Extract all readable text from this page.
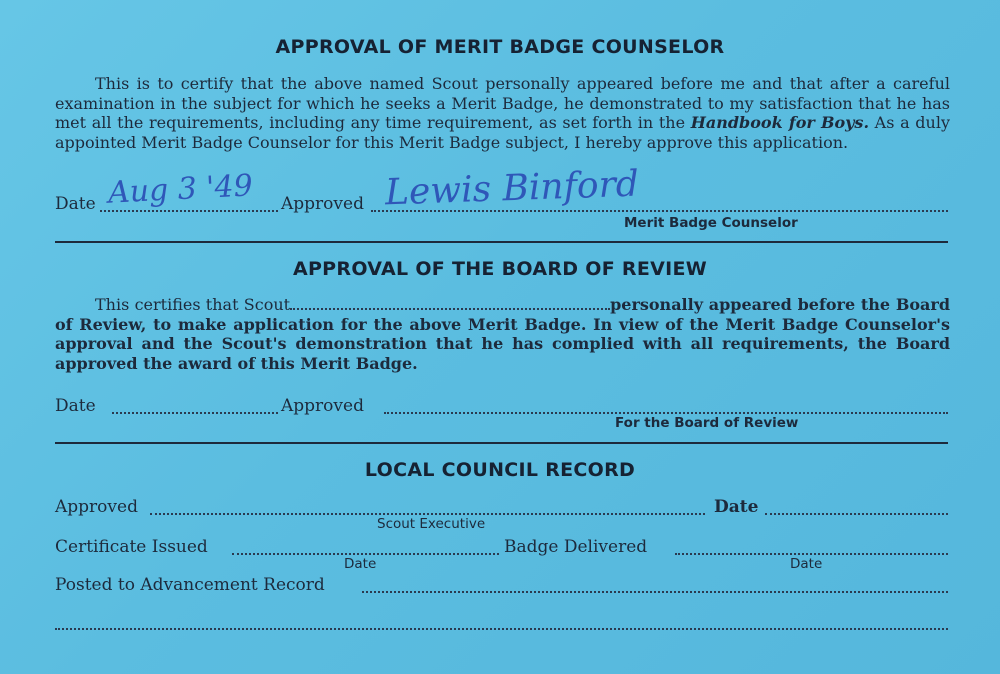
APPROVAL OF MERIT BADGE COUNSELOR
This is to certify that the above named Scout personally appeared before me and that after a careful examination in the subject for which he seeks a Merit Badge, he demonstrated to my satisfaction that he has met all the requirements, including any time requirement, as set forth in the Handbook for Boys. As a duly appointed Merit Badge Counselor for this Merit Badge subject, I hereby approve this application.
Date Aug 3 '49 Approved Lewis Binford
Merit Badge Counselor
APPROVAL OF THE BOARD OF REVIEW
This certifies that Scout	personally appeared before the Board of Review, to make application for the above Merit Badge. In view of the Merit Badge Counselor's approval and the Scout's demonstration that he has complied with all requirements, the Board approved the award of this Merit Badge.
Date	Approved
For the Board of Review
LOCAL COUNCIL RECORD
Approved	Date
Scout Executive
Certificate Issued	Badge Delivered
Date	Date
Posted to Advancement Record
